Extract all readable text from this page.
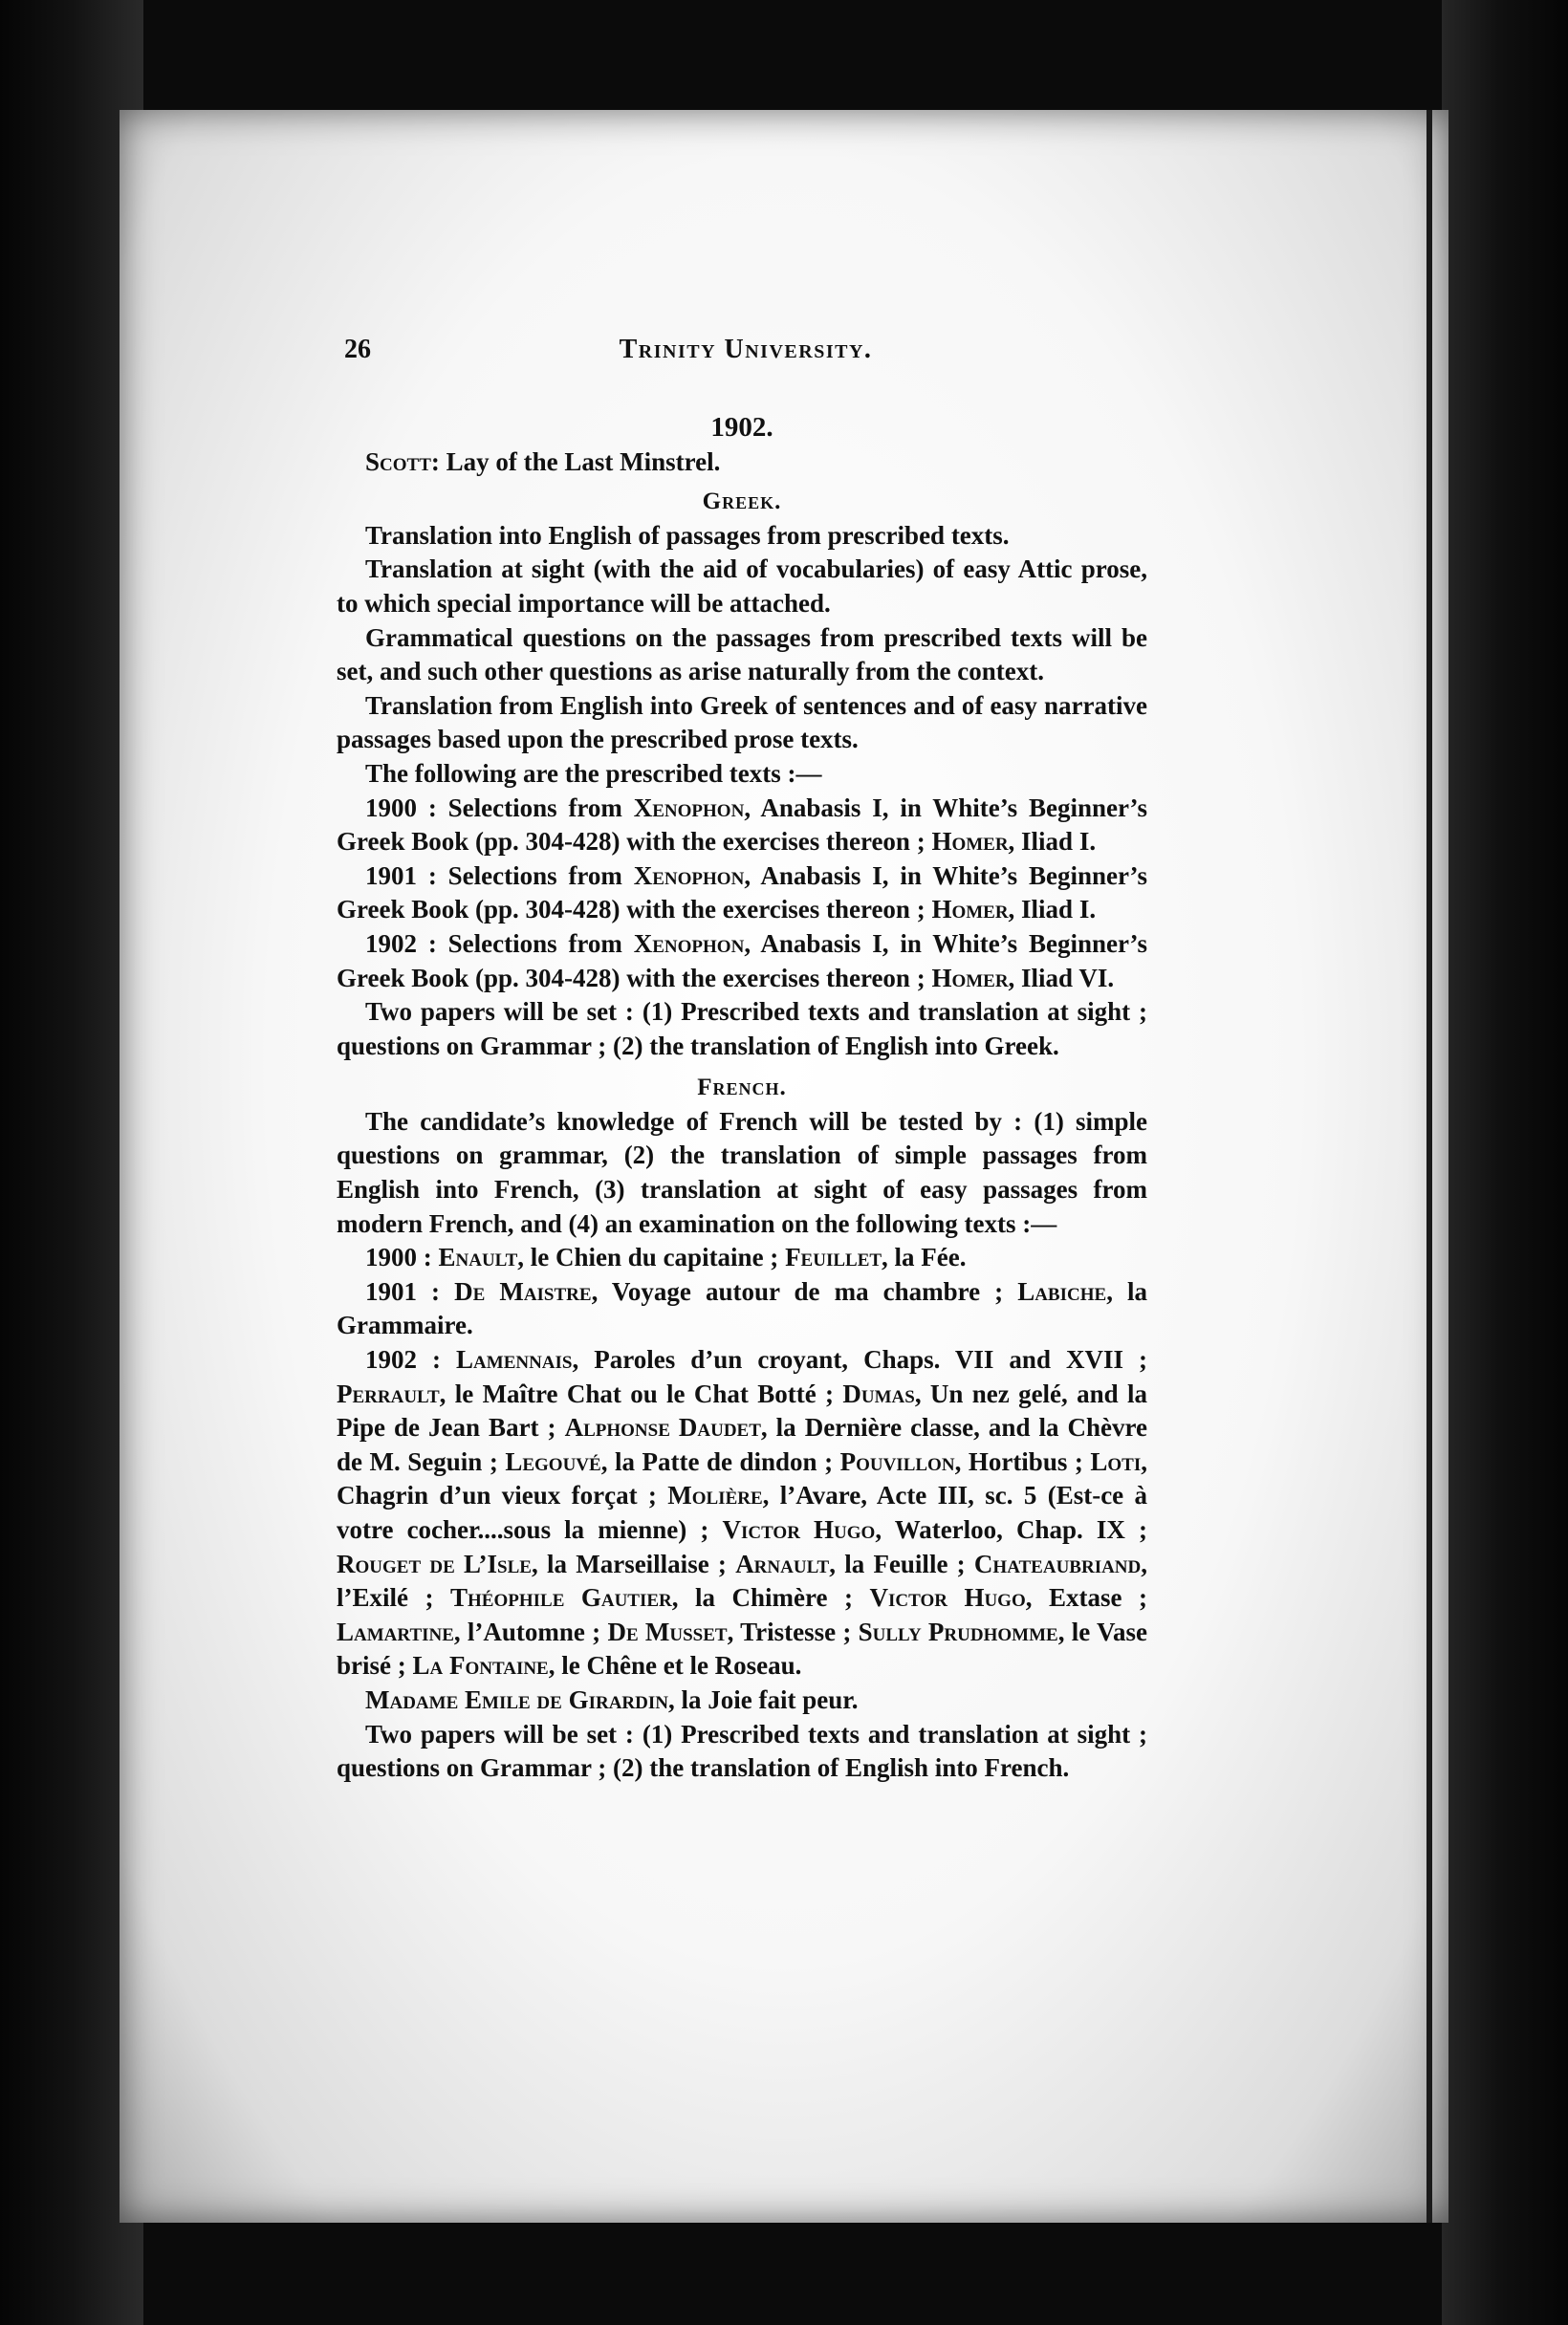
26	Trinity University.

1902.

Scott: Lay of the Last Minstrel.

Greek.

Translation into English of passages from prescribed texts.

Translation at sight (with the aid of vocabularies) of easy Attic prose, to which special importance will be attached.

Grammatical questions on the passages from prescribed texts will be set, and such other questions as arise naturally from the context.

Translation from English into Greek of sentences and of easy narrative passages based upon the prescribed prose texts.

The following are the prescribed texts :—

1900 : Selections from Xenophon, Anabasis I, in White’s Beginner’s Greek Book (pp. 304-428) with the exercises thereon ; Homer, Iliad I.

1901 : Selections from Xenophon, Anabasis I, in White’s Beginner’s Greek Book (pp. 304-428) with the exercises thereon ; Homer, Iliad I.

1902 : Selections from Xenophon, Anabasis I, in White’s Beginner’s Greek Book (pp. 304-428) with the exercises thereon ; Homer, Iliad VI.

Two papers will be set : (1) Prescribed texts and translation at sight ; questions on Grammar ; (2) the translation of English into Greek.

French.

The candidate’s knowledge of French will be tested by : (1) simple questions on grammar, (2) the translation of simple passages from English into French, (3) translation at sight of easy passages from modern French, and (4) an examination on the following texts :—

1900 : Enault, le Chien du capitaine ; Feuillet, la Fée.

1901 : De Maistre, Voyage autour de ma chambre ; Labiche, la Grammaire.

1902 : Lamennais, Paroles d’un croyant, Chaps. VII and XVII ; Perrault, le Maître Chat ou le Chat Botté ; Dumas, Un nez gelé, and la Pipe de Jean Bart ; Alphonse Daudet, la Dernière classe, and la Chèvre de M. Seguin ; Legouvé, la Patte de dindon ; Pouvillon, Hortibus ; Loti, Chagrin d’un vieux forçat ; Molière, l’Avare, Acte III, sc. 5 (Est-ce à votre cocher....sous la mienne) ; Victor Hugo, Waterloo, Chap. IX ; Rouget de L’Isle, la Marseillaise ; Arnault, la Feuille ; Chateaubriand, l’Exilé ; Théophile Gautier, la Chimère ; Victor Hugo, Extase ; Lamartine, l’Automne ; De Musset, Tristesse ; Sully Prudhomme, le Vase brisé ; La Fontaine, le Chêne et le Roseau.

Madame Emile de Girardin, la Joie fait peur.

Two papers will be set : (1) Prescribed texts and translation at sight ; questions on Grammar ; (2) the translation of English into French.
